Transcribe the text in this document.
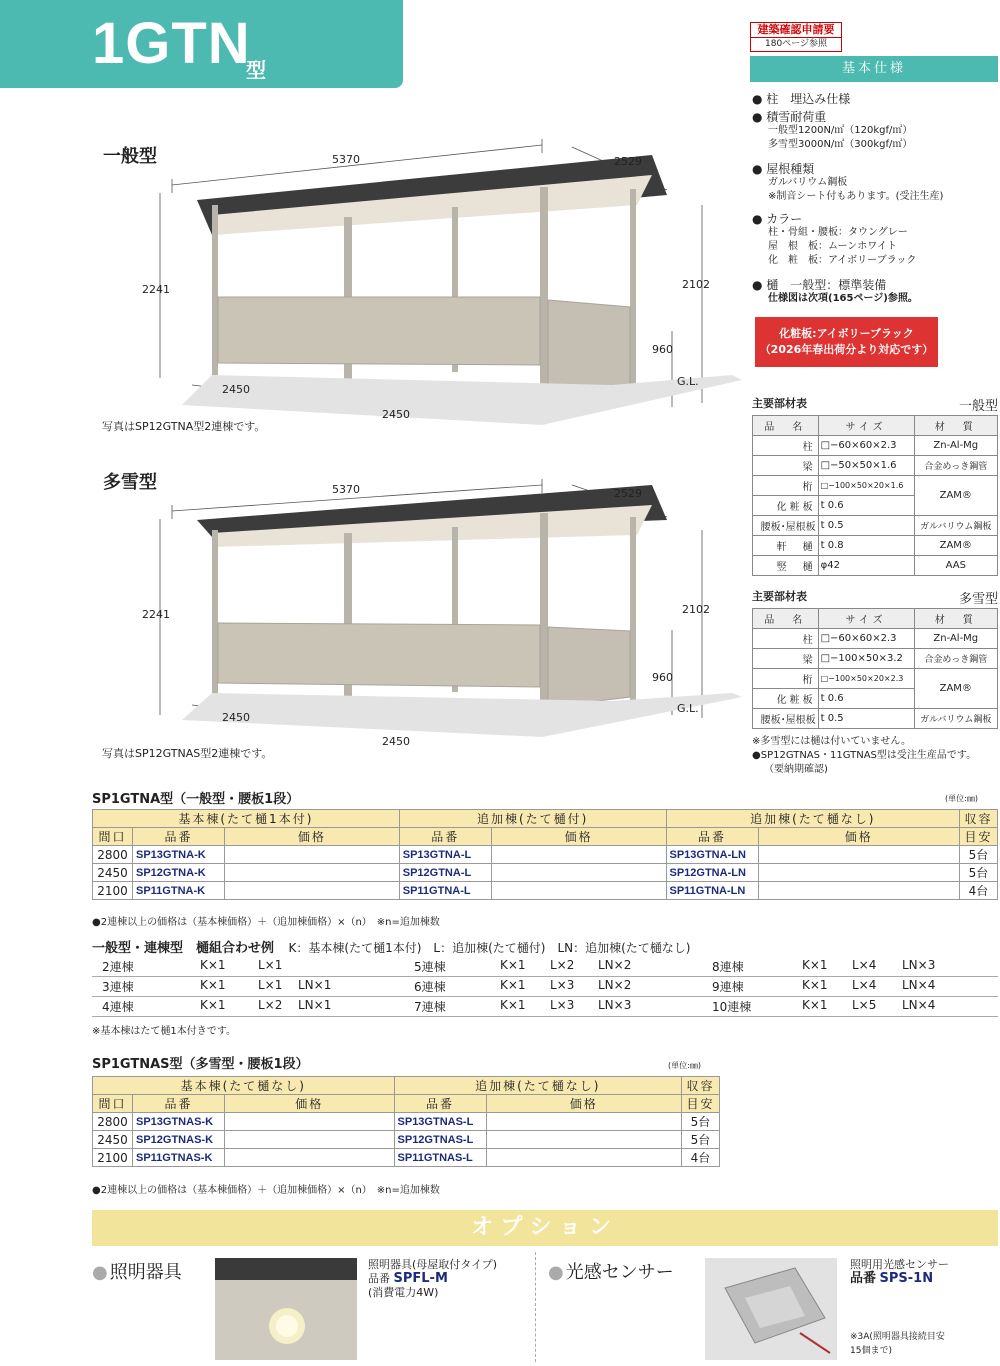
1GTN
型
建築確認申請要
180ページ参照
基本仕様
● 柱　埋込み仕様
● 積雪耐荷重
一般型1200N/㎡（120kgf/㎡）
多雪型3000N/㎡（300kgf/㎡）
● 屋根種類
ガルバリウム鋼板
※制音シート付もあります。(受注生産)
● カラー
柱・骨組・腰板：タウングレー
屋　根　板：ムーンホワイト
化　粧　板：アイボリーブラック
● 樋　一般型：標準装備
仕様図は次項(165ページ)参照。
化粧板:アイボリーブラック
（2026年春出荷分より対応です）
主要部材表	一般型
品　名	サイズ	材　質
柱	□−60×60×2.3	Zn-Al-Mg
梁	□−50×50×1.6	合金めっき鋼管
桁	□−100×50×20×1.6	ZAM®
化粧板	t 0.6	
腰板･屋根板	t 0.5	ガルバリウム鋼板
軒　樋	t 0.8	ZAM®
竪　樋	φ42	AAS
主要部材表	多雪型
品　名	サイズ	材　質
柱	□−60×60×2.3	Zn-Al-Mg
梁	□−100×50×3.2	合金めっき鋼管
桁	□−100×50×20×2.3	ZAM®
化粧板	t 0.6	
腰板･屋根板	t 0.5	ガルバリウム鋼板
※多雪型には樋は付いていません。
●SP12GTNAS・11GTNAS型は受注生産品です。
（要納期確認)
一般型	5370	2529
2241	2102
960
G.L.
2450
2450
写真はSP12GTNA型2連棟です。
多雪型	5370	2529
2241	2102
960
G.L.
2450
2450
写真はSP12GTNAS型2連棟です。
SP1GTNA型（一般型・腰板1段）	(単位:㎜)
基本棟(たて樋1本付)			追加棟(たて樋付)		追加棟(たて樋なし)		収容
間口	品番	価格	品番	価格	品番	価格	目安
2800	SP13GTNA-K		SP13GTNA-L		SP13GTNA-LN		5台
2450	SP12GTNA-K		SP12GTNA-L		SP12GTNA-LN		5台
2100	SP11GTNA-K		SP11GTNA-L		SP11GTNA-LN		4台
●2連棟以上の価格は（基本棟価格）＋（追加棟価格）×（n）　※n=追加棟数
一般型・連棟型　樋組合わせ例 K：基本棟(たて樋1本付)　L：追加棟(たて樋付)　LN：追加棟(たて樋なし)
2連棟	K×1	L×1	5連棟	K×1 L×2 LN×2	8連棟	K×1 L×4 LN×3
3連棟	K×1	L×1 LN×1	6連棟	K×1 L×3 LN×2	9連棟	K×1 L×4 LN×4
4連棟	K×1	L×2 LN×1	7連棟	K×1 L×3 LN×3	10連棟	K×1 L×5 LN×4
※基本棟はたて樋1本付きです。
SP1GTNAS型（多雪型・腰板1段）	(単位:㎜)
基本棟(たて樋なし)			追加棟(たて樋なし)		収容
間口	品番	価格	品番	価格	目安
2800	SP13GTNAS-K		SP13GTNAS-L		5台
2450	SP12GTNAS-K		SP12GTNAS-L		5台
2100	SP11GTNAS-K		SP11GTNAS-L		4台
●2連棟以上の価格は（基本棟価格）＋（追加棟価格）×（n）　※n=追加棟数
オプション
● 照明器具	照明器具(母屋取付タイプ)
品番 SPFL-M
(消費電力4W)
● 光感センサー	照明用光感センサー
品番 SPS-1N
※3A(照明器具接続目安
15個まで)
